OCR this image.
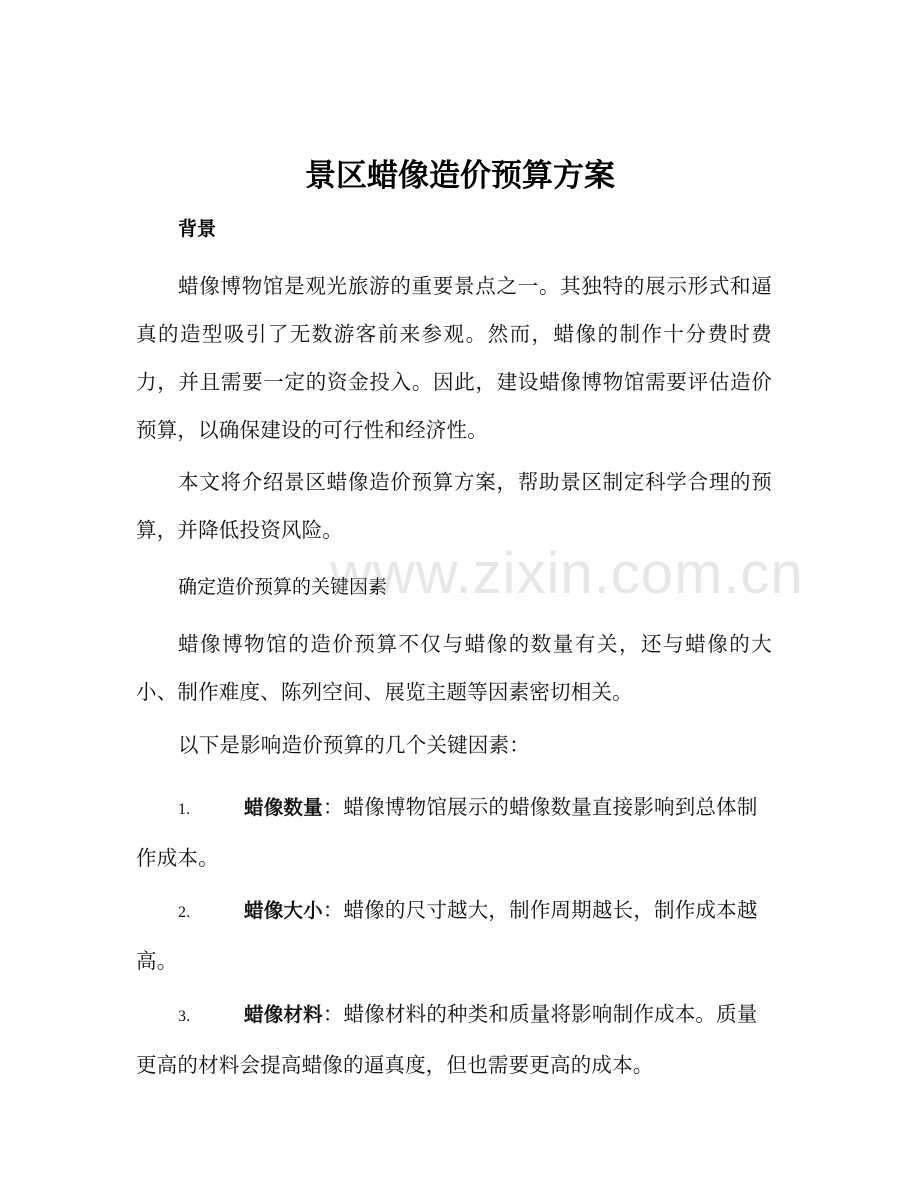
景区蜡像造价预算方案
背景
蜡像博物馆是观光旅游的重要景点之一。其独特的展示形式和逼真的造型吸引了无数游客前来参观。然而，蜡像的制作十分费时费力，并且需要一定的资金投入。因此，建设蜡像博物馆需要评估造价预算，以确保建设的可行性和经济性。
本文将介绍景区蜡像造价预算方案，帮助景区制定科学合理的预算，并降低投资风险。
确定造价预算的关键因素
蜡像博物馆的造价预算不仅与蜡像的数量有关，还与蜡像的大小、制作难度、陈列空间、展览主题等因素密切相关。
以下是影响造价预算的几个关键因素：
1.	蜡像数量：蜡像博物馆展示的蜡像数量直接影响到总体制作成本。
2.	蜡像大小：蜡像的尺寸越大，制作周期越长，制作成本越高。
3.	蜡像材料：蜡像材料的种类和质量将影响制作成本。质量更高的材料会提高蜡像的逼真度，但也需要更高的成本。
www.zixin.com.cn
